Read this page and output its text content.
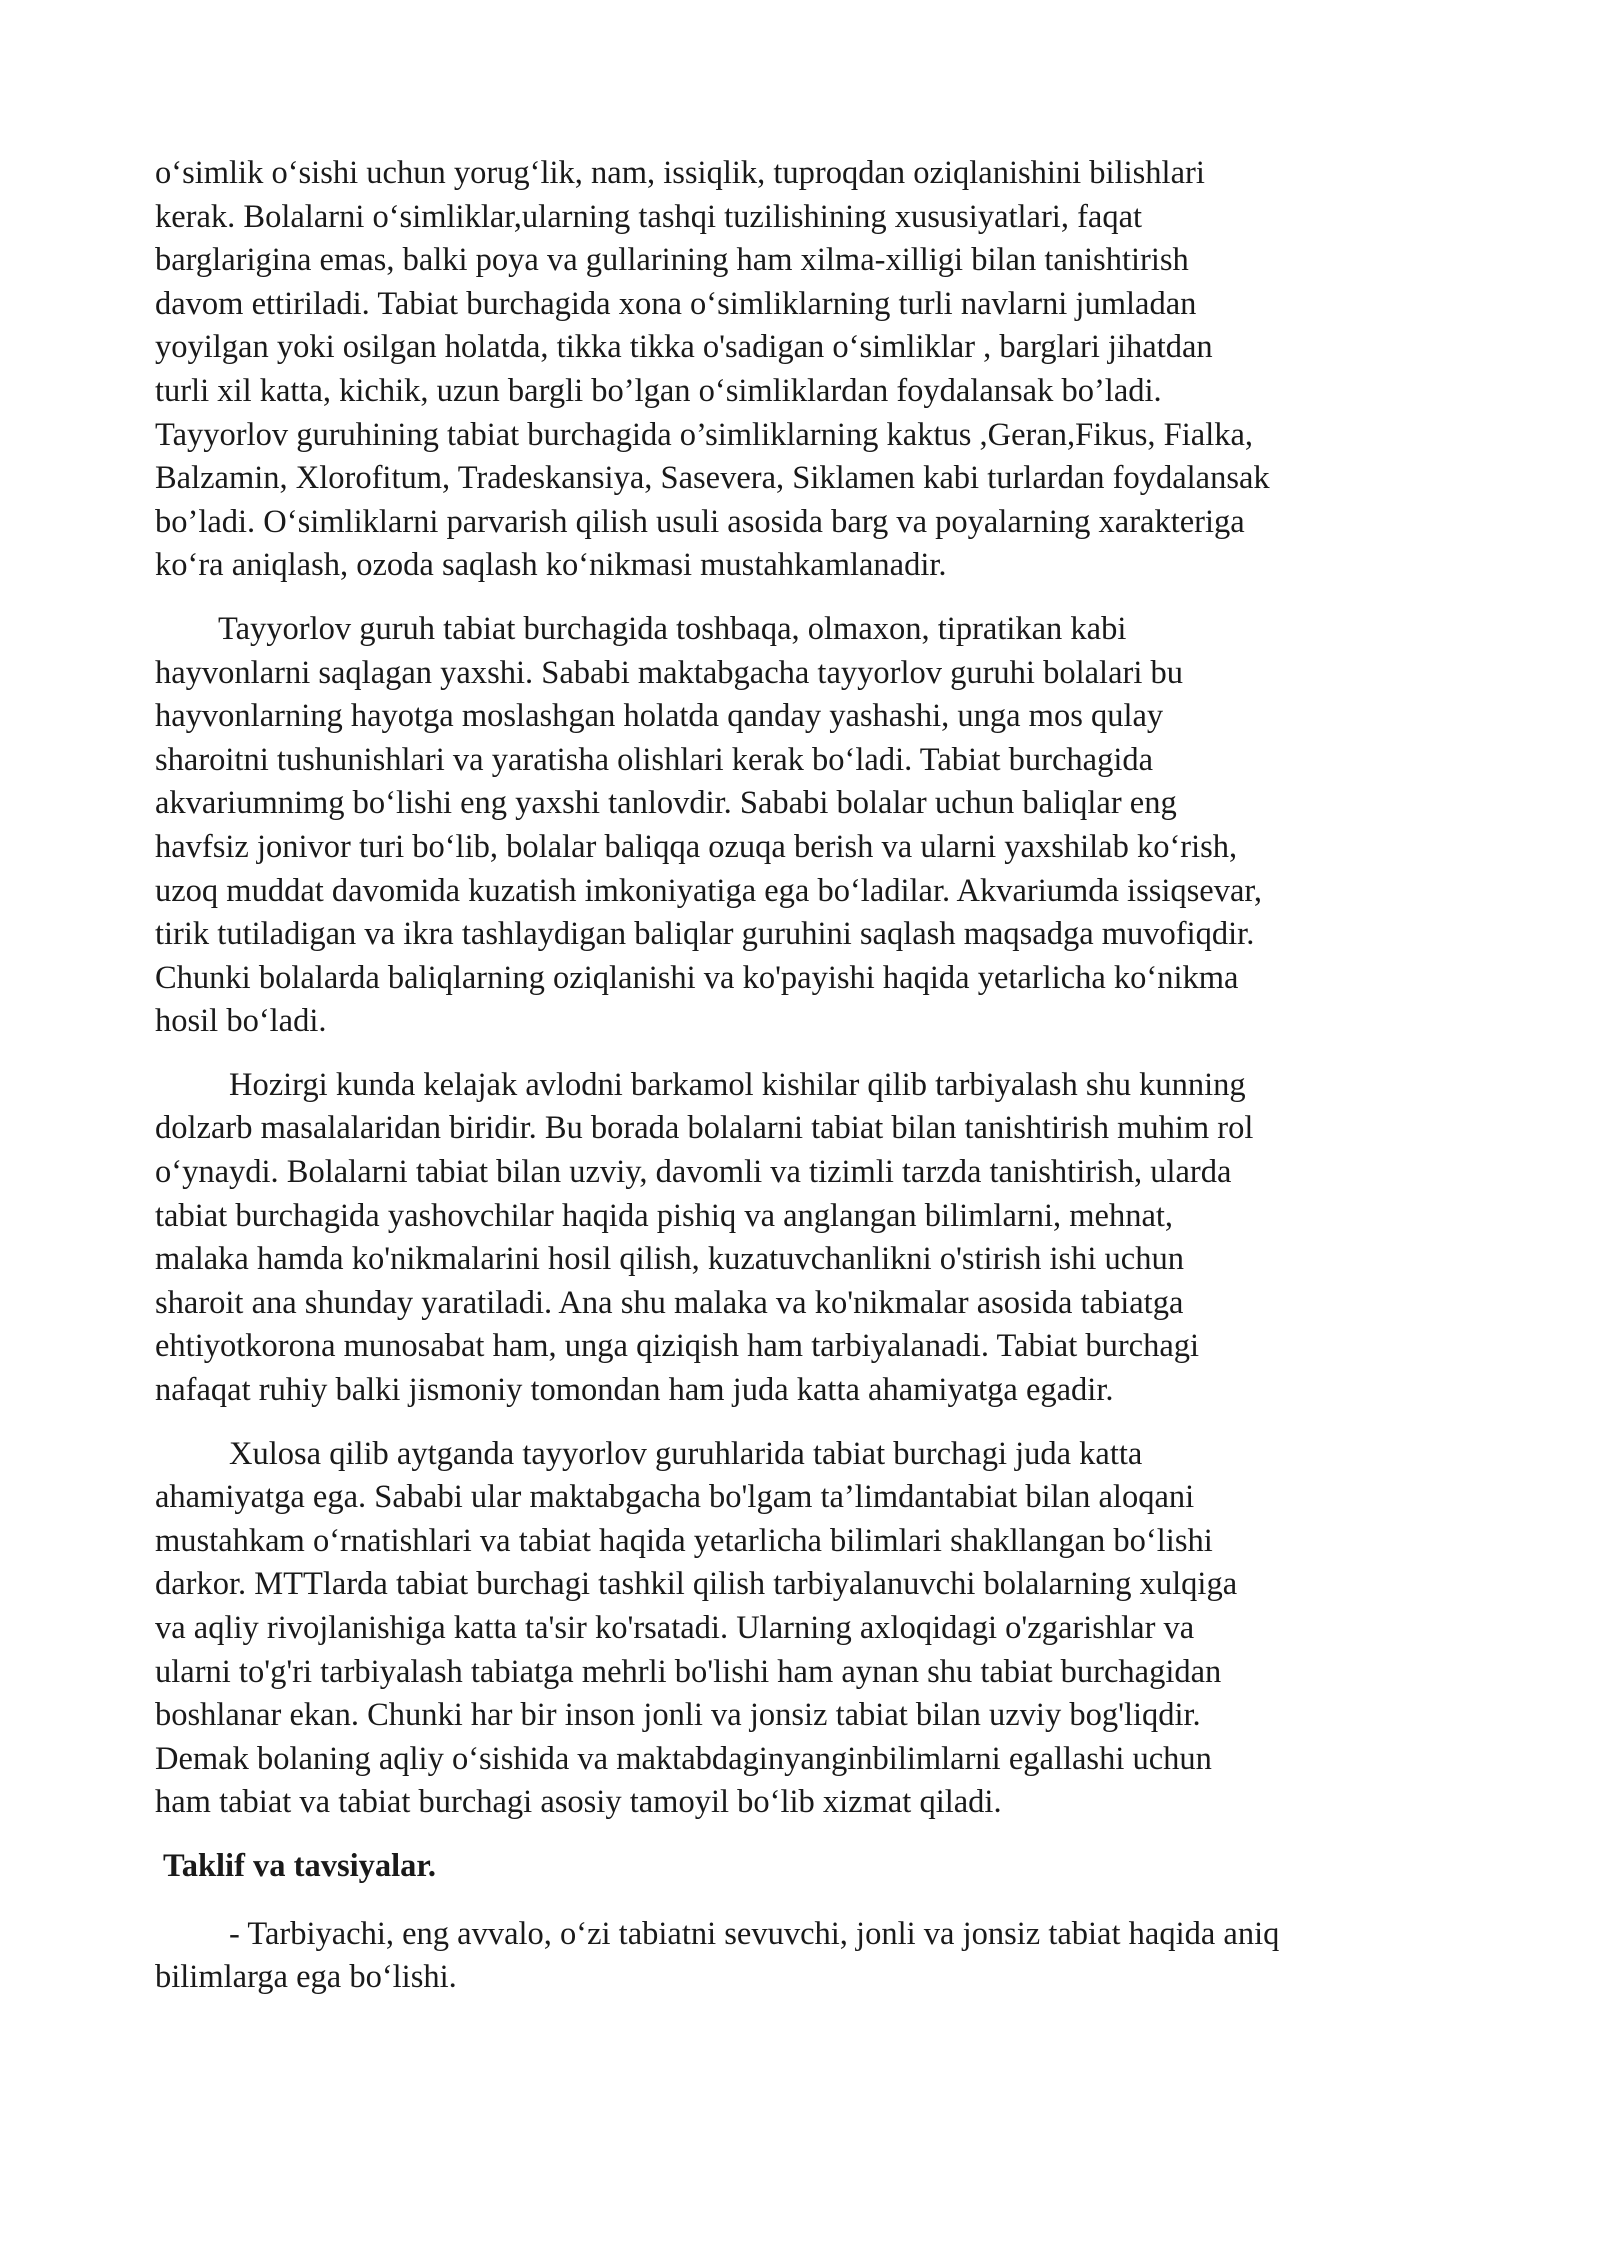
o‘simlik o‘sishi uchun yorug‘lik, nam, issiqlik, tuproqdan oziqlanishini bilishlari
kerak. Bolalarni o‘simliklar,ularning tashqi tuzilishining xususiyatlari, faqat
barglarigina emas, balki poya va gullarining ham xilma-xilligi bilan tanishtirish
davom ettiriladi. Tabiat burchagida xona o‘simliklarning turli navlarni jumladan
yoyilgan yoki osilgan holatda, tikka tikka o'sadigan o‘simliklar , barglari jihatdan
turli xil katta, kichik, uzun bargli bo’lgan o‘simliklardan foydalansak bo’ladi.
Tayyorlov guruhining tabiat burchagida o’simliklarning kaktus ,Geran,Fikus, Fialka,
Balzamin, Xlorofitum, Tradeskansiya, Sasevera, Siklamen kabi turlardan foydalansak
bo’ladi. O‘simliklarni parvarish qilish usuli asosida barg va poyalarning xarakteriga
ko‘ra aniqlash, ozoda saqlash ko‘nikmasi mustahkamlanadir.

Tayyorlov guruh tabiat burchagida toshbaqa, olmaxon, tipratikan kabi
hayvonlarni saqlagan yaxshi. Sababi maktabgacha tayyorlov guruhi bolalari bu
hayvonlarning hayotga moslashgan holatda qanday yashashi, unga mos qulay
sharoitni tushunishlari va yaratisha olishlari kerak bo‘ladi. Tabiat burchagida
akvariumnimg bo‘lishi eng yaxshi tanlovdir. Sababi bolalar uchun baliqlar eng
havfsiz jonivor turi bo‘lib, bolalar baliqqa ozuqa berish va ularni yaxshilab ko‘rish,
uzoq muddat davomida kuzatish imkoniyatiga ega bo‘ladilar. Akvariumda issiqsevar,
tirik tutiladigan va ikra tashlaydigan baliqlar guruhini saqlash maqsadga muvofiqdir.
Chunki bolalarda baliqlarning oziqlanishi va ko'payishi haqida yetarlicha ko‘nikma
hosil bo‘ladi.

Hozirgi kunda kelajak avlodni barkamol kishilar qilib tarbiyalash shu kunning
dolzarb masalalaridan biridir. Bu borada bolalarni tabiat bilan tanishtirish muhim rol
o‘ynaydi. Bolalarni tabiat bilan uzviy, davomli va tizimli tarzda tanishtirish, ularda
tabiat burchagida yashovchilar haqida pishiq va anglangan bilimlarni, mehnat,
malaka hamda ko'nikmalarini hosil qilish, kuzatuvchanlikni o'stirish ishi uchun
sharoit ana shunday yaratiladi. Ana shu malaka va ko'nikmalar asosida tabiatga
ehtiyotkorona munosabat ham, unga qiziqish ham tarbiyalanadi. Tabiat burchagi
nafaqat ruhiy balki jismoniy tomondan ham juda katta ahamiyatga egadir.

Xulosa qilib aytganda tayyorlov guruhlarida tabiat burchagi juda katta
ahamiyatga ega. Sababi ular maktabgacha bo'lgam ta’limdantabiat bilan aloqani
mustahkam o‘rnatishlari va tabiat haqida yetarlicha bilimlari shakllangan bo‘lishi
darkor. MTTlarda tabiat burchagi tashkil qilish tarbiyalanuvchi bolalarning xulqiga
va aqliy rivojlanishiga katta ta'sir ko'rsatadi. Ularning axloqidagi o'zgarishlar va
ularni to'g'ri tarbiyalash tabiatga mehrli bo'lishi ham aynan shu tabiat burchagidan
boshlanar ekan. Chunki har bir inson jonli va jonsiz tabiat bilan uzviy bog'liqdir.
Demak bolaning aqliy o‘sishida va maktabdaginyanginbilimlarni egallashi uchun
ham tabiat va tabiat burchagi asosiy tamoyil bo‘lib xizmat qiladi.

Taklif va tavsiyalar.

- Tarbiyachi, eng avvalo, o‘zi tabiatni sevuvchi, jonli va jonsiz tabiat haqida aniq
bilimlarga ega bo‘lishi.
